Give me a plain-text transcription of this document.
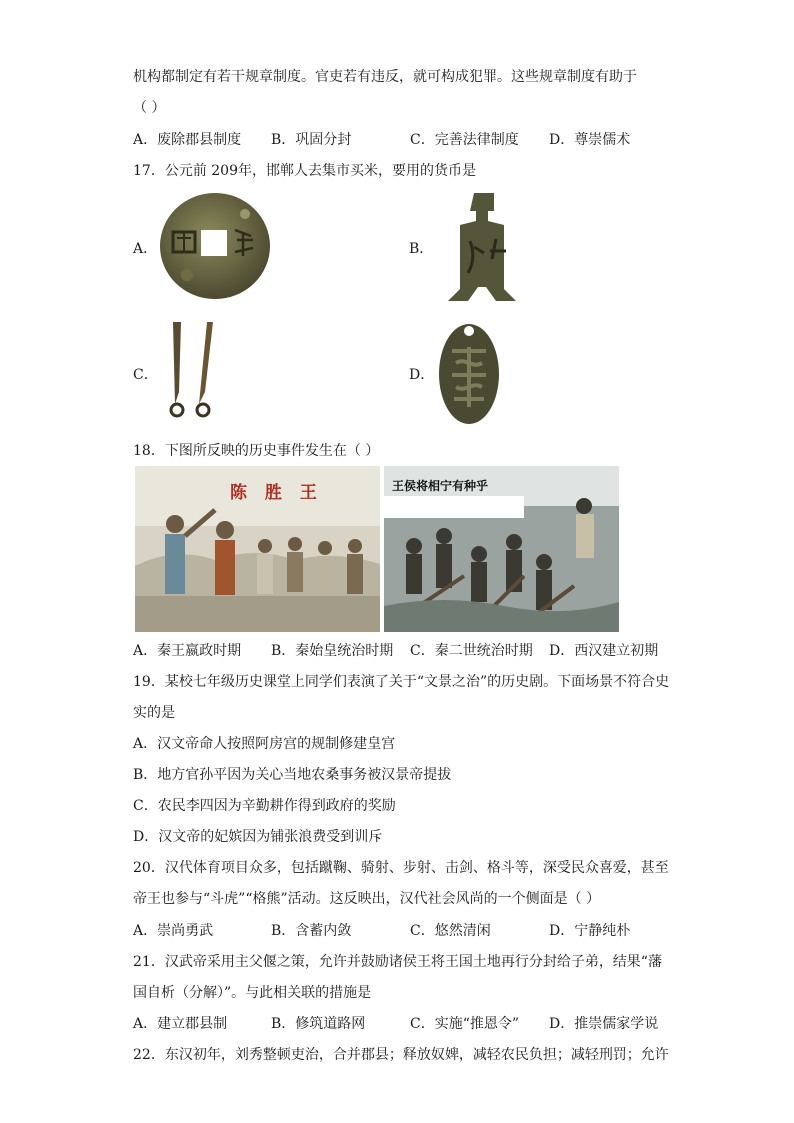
机构都制定有若干规章制度。官吏若有违反，就可构成犯罪。这些规章制度有助于
（ ）
A．废除郡县制度 B．巩固分封	C．完善法律制度 D．尊崇儒术
17．公元前 209年，邯郸人去集市买米，要用的货币是
A．	B．
C．	D．
18．下图所反映的历史事件发生在（ ）
陈 胜 王	王侯将相宁有种乎
A．秦王嬴政时期 B．秦始皇统治时期 C．秦二世统治时期 D．西汉建立初期
19．某校七年级历史课堂上同学们表演了关于“文景之治”的历史剧。下面场景不符合史
实的是
A．汉文帝命人按照阿房宫的规制修建皇宫
B．地方官孙平因为关心当地农桑事务被汉景帝提拔
C．农民李四因为辛勤耕作得到政府的奖励
D．汉文帝的妃嫔因为铺张浪费受到训斥
20．汉代体育项目众多，包括蹴鞠、骑射、步射、击剑、格斗等，深受民众喜爱，甚至
帝王也参与“斗虎”“格熊”活动。这反映出，汉代社会风尚的一个侧面是（ ）
A．崇尚勇武	B．含蓄内敛	C．悠然清闲	D．宁静纯朴
21．汉武帝采用主父偃之策，允许并鼓励诸侯王将王国土地再行分封给子弟，结果“藩
国自析（分解）”。与此相关联的措施是
A．建立郡县制	B．修筑道路网	C．实施“推恩令” D．推崇儒家学说
22．东汉初年，刘秀整顿吏治，合并郡县；释放奴婢，减轻农民负担；减轻刑罚；允许
